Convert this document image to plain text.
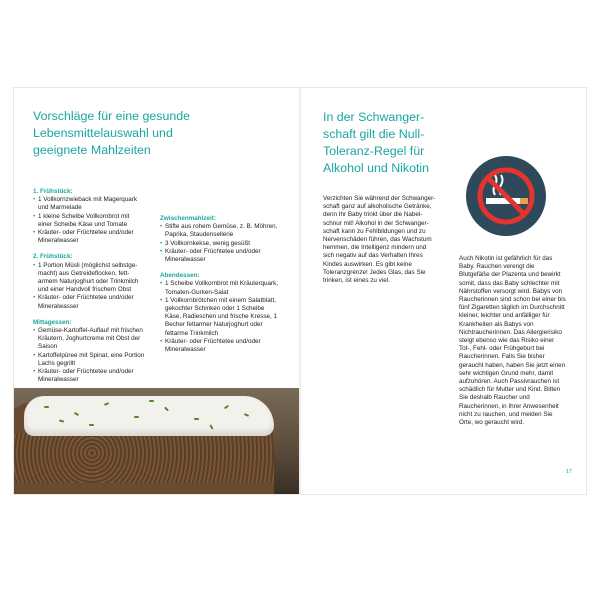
Vorschläge für eine gesunde Lebensmittelauswahl und geeignete Mahlzeiten

1. Frühstück:

• 1 Vollkornzwieback mit Magerquark und Marmelade
• 1 kleine Scheibe Vollkornbrot mit einer Scheibe Käse und Tomate
• Kräuter- oder Früchtetee und/oder Mineralwasser

2. Frühstück:

• 1 Portion Müsli (möglichst selbstgemacht) aus Getreideflocken, fettarmem Naturjoghurt oder Trinkmilch und einer Handvoll frischem Obst
• Kräuter- oder Früchtetee und/oder Mineralwasser

Mittagessen:

• Gemüse-Kartoffel-Auflauf mit frischen Kräutern, Joghurtcreme mit Obst der Saison
• Kartoffelpüree mit Spinat, eine Portion Lachs gegrillt
• Kräuter- oder Früchtetee und/oder Mineralwasser

Zwischenmahlzeit:

• Stifte aus rohem Gemüse, z. B. Möhren, Paprika, Staudensellerie
• 3 Vollkornkekse, wenig gesüßt
• Kräuter- oder Früchtetee und/oder Mineralwasser

Abendessen:

• 1 Scheibe Vollkornbrot mit Kräuterquark, Tomaten-Gurken-Salat
• 1 Vollkornbrötchen mit einem Salatblatt, gekochter Schinken oder 1 Scheibe Käse, Radieschen und frische Kresse, 1 Becher fettarmer Naturjoghurt oder fettarme Trinkmilch
• Kräuter- oder Früchtetee und/oder Mineralwasser
In der Schwangerschaft gilt die Null-Toleranz-Regel für Alkohol und Nikotin

Verzichten Sie während der Schwangerschaft ganz auf alkoholische Getränke, denn Ihr Baby trinkt über die Nabelschnur mit! Alkohol in der Schwangerschaft kann zu Fehlbildungen und zu Nervenschäden führen, das Wachstum hemmen, die Intelligenz mindern und sich negativ auf das Verhalten Ihres Kindes auswirken. Es gibt keine Toleranzgrenze! Jedes Glas, das Sie trinken, ist eines zu viel.

Auch Nikotin ist gefährlich für das Baby. Rauchen verengt die Blutgefäße der Plazenta und bewirkt somit, dass das Baby schlechter mit Nährstoffen versorgt wird. Babys von Raucherinnen sind schon bei einer bis fünf Zigaretten täglich im Durchschnitt kleiner, leichter und anfälliger für Krankheiten als Babys von Nichtraucherinnen. Das Allergierisiko steigt ebenso wie das Risiko einer Tot-, Fehl- oder Frühgeburt bei Raucherinnen. Falls Sie bisher geraucht haben, haben Sie jetzt einen sehr wichtigen Grund mehr, damit aufzuhören. Auch Passivrauchen ist schädlich für Mutter und Kind. Bitten Sie deshalb Raucher und Raucherinnen, in Ihrer Anwesenheit nicht zu rauchen, und meiden Sie Orte, wo geraucht wird.

17
